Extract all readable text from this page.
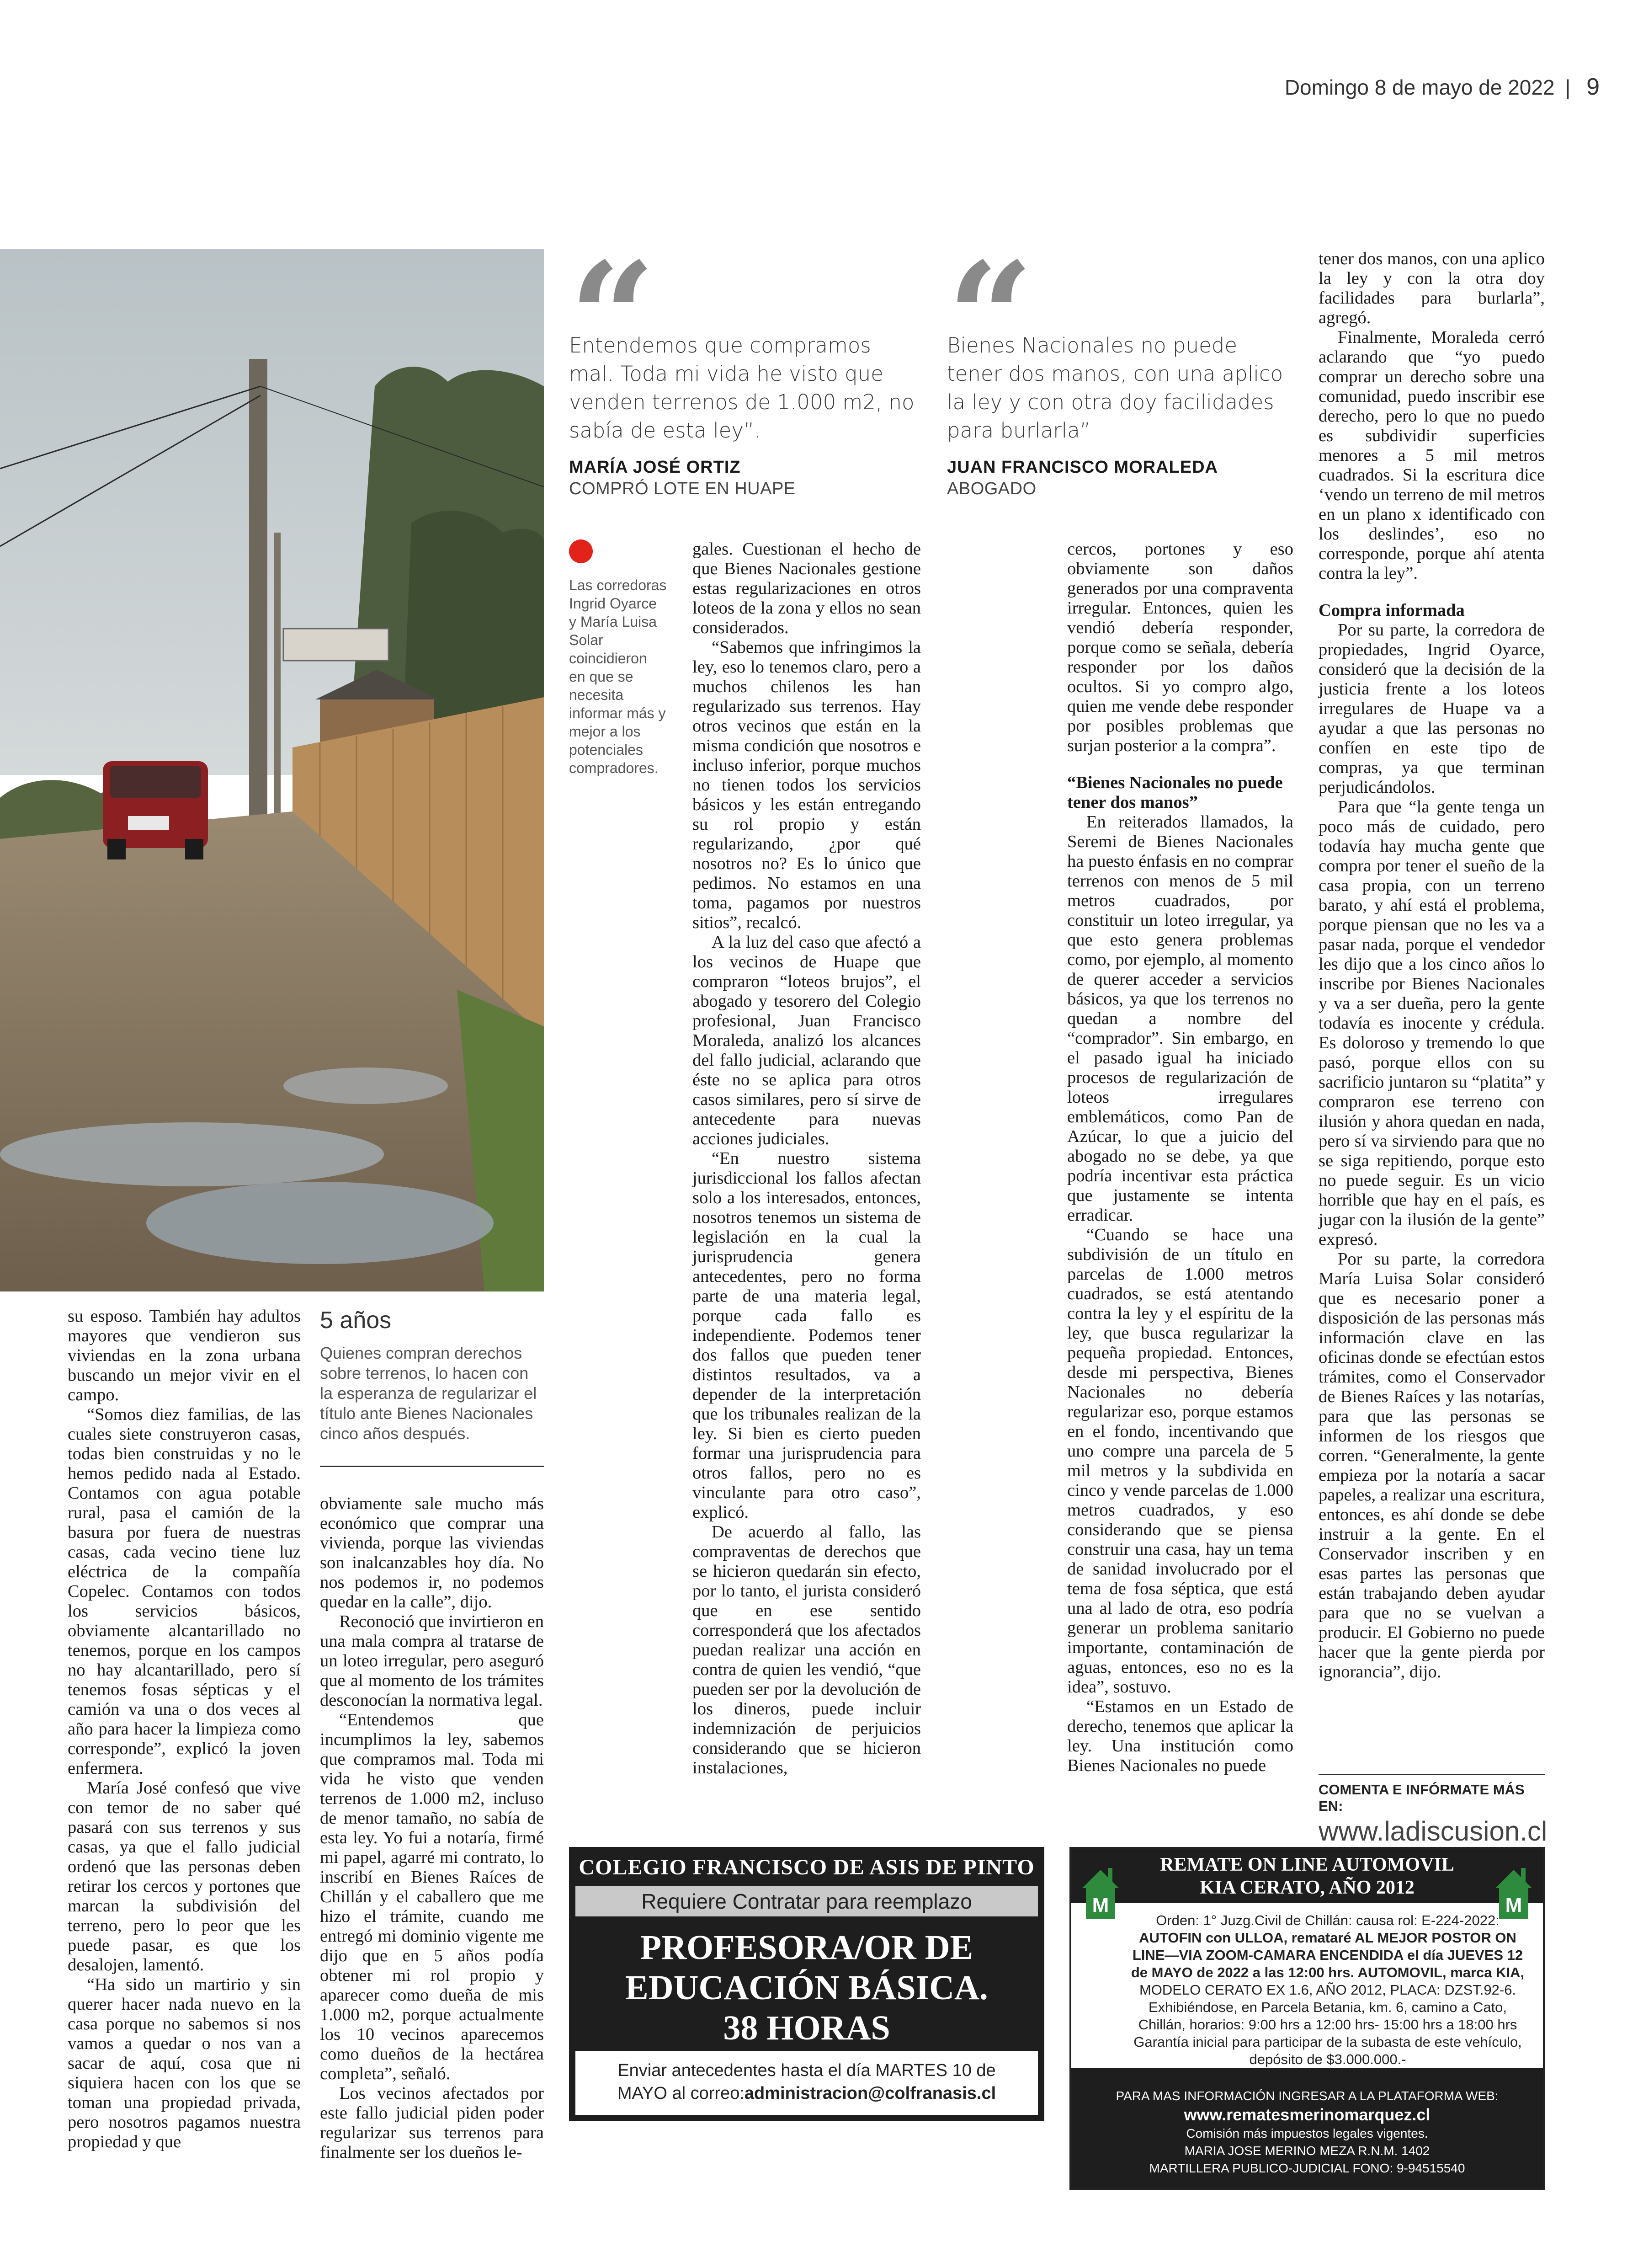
Domingo 8 de mayo de 2022 | 9
“
Entendemos que compramos mal. Toda mi vida he visto que venden terrenos de 1.000 m2, no sabía de esta ley”.
MARÍA JOSÉ ORTIZ
COMPRÓ LOTE EN HUAPE
“
Bienes Nacionales no puede tener dos manos, con una aplico la ley y con otra doy facilidades para burlarla”
JUAN FRANCISCO MORALEDA
ABOGADO
Las corredoras Ingrid Oyarce y María Luisa Solar coincidieron en que se necesita informar más y mejor a los potenciales compradores.

su esposo. También hay adultos mayores que vendieron sus viviendas en la zona urbana buscando un mejor vivir en el campo.

“Somos diez familias, de las cuales siete construyeron casas, todas bien construidas y no le hemos pedido nada al Estado. Contamos con agua potable rural, pasa el camión de la basura por fuera de nuestras casas, cada vecino tiene luz eléctrica de la compañía Copelec. Contamos con todos los servicios básicos, obviamente alcantarillado no tenemos, porque en los campos no hay alcantarillado, pero sí tenemos fosas sépticas y el camión va una o dos veces al año para hacer la limpieza como corresponde”, explicó la joven enfermera.

María José confesó que vive con temor de no saber qué pasará con sus terrenos y sus casas, ya que el fallo judicial ordenó que las personas deben retirar los cercos y portones que marcan la subdivisión del terreno, pero lo peor que les puede pasar, es que los desalojen, lamentó.

“Ha sido un martirio y sin querer hacer nada nuevo en la casa porque no sabemos si nos vamos a quedar o nos van a sacar de aquí, cosa que ni siquiera hacen con los que se toman una propiedad privada, pero nosotros pagamos nuestra propiedad y que

5 años
Quienes compran derechos sobre terrenos, lo hacen con la esperanza de regularizar el título ante Bienes Nacionales cinco años después.

obviamente sale mucho más económico que comprar una vivienda, porque las viviendas son inalcanzables hoy día. No nos podemos ir, no podemos quedar en la calle”, dijo.

Reconoció que invirtieron en una mala compra al tratarse de un loteo irregular, pero aseguró que al momento de los trámites desconocían la normativa legal.

“Entendemos que incumplimos la ley, sabemos que compramos mal. Toda mi vida he visto que venden terrenos de 1.000 m2, incluso de menor tamaño, no sabía de esta ley. Yo fui a notaría, firmé mi papel, agarré mi contrato, lo inscribí en Bienes Raíces de Chillán y el caballero que me hizo el trámite, cuando me entregó mi dominio vigente me dijo que en 5 años podía obtener mi rol propio y aparecer como dueña de mis 1.000 m2, porque actualmente los 10 vecinos aparecemos como dueños de la hectárea completa”, señaló.

Los vecinos afectados por este fallo judicial piden poder regularizar sus terrenos para finalmente ser los dueños le-

gales. Cuestionan el hecho de que Bienes Nacionales gestione estas regularizaciones en otros loteos de la zona y ellos no sean considerados.

“Sabemos que infringimos la ley, eso lo tenemos claro, pero a muchos chilenos les han regularizado sus terrenos. Hay otros vecinos que están en la misma condición que nosotros e incluso inferior, porque muchos no tienen todos los servicios básicos y les están entregando su rol propio y están regularizando, ¿por qué nosotros no? Es lo único que pedimos. No estamos en una toma, pagamos por nuestros sitios”, recalcó.

A la luz del caso que afectó a los vecinos de Huape que compraron “loteos brujos”, el abogado y tesorero del Colegio profesional, Juan Francisco Moraleda, analizó los alcances del fallo judicial, aclarando que éste no se aplica para otros casos similares, pero sí sirve de antecedente para nuevas acciones judiciales.

“En nuestro sistema jurisdiccional los fallos afectan solo a los interesados, entonces, nosotros tenemos un sistema de legislación en la cual la jurisprudencia genera antecedentes, pero no forma parte de una materia legal, porque cada fallo es independiente. Podemos tener dos fallos que pueden tener distintos resultados, va a depender de la interpretación que los tribunales realizan de la ley. Si bien es cierto pueden formar una jurisprudencia para otros fallos, pero no es vinculante para otro caso”, explicó.

De acuerdo al fallo, las compraventas de derechos que se hicieron quedarán sin efecto, por lo tanto, el jurista consideró que en ese sentido corresponderá que los afectados puedan realizar una acción en contra de quien les vendió, “que pueden ser por la devolución de los dineros, puede incluir indemnización de perjuicios considerando que se hicieron instalaciones,

cercos, portones y eso obviamente son daños generados por una compraventa irregular. Entonces, quien les vendió debería responder, porque como se señala, debería responder por los daños ocultos. Si yo compro algo, quien me vende debe responder por posibles problemas que surjan posterior a la compra”.

“Bienes Nacionales no puede tener dos manos”

En reiterados llamados, la Seremi de Bienes Nacionales ha puesto énfasis en no comprar terrenos con menos de 5 mil metros cuadrados, por constituir un loteo irregular, ya que esto genera problemas como, por ejemplo, al momento de querer acceder a servicios básicos, ya que los terrenos no quedan a nombre del “comprador”. Sin embargo, en el pasado igual ha iniciado procesos de regularización de loteos irregulares emblemáticos, como Pan de Azúcar, lo que a juicio del abogado no se debe, ya que podría incentivar esta práctica que justamente se intenta erradicar.

“Cuando se hace una subdivisión de un título en parcelas de 1.000 metros cuadrados, se está atentando contra la ley y el espíritu de la ley, que busca regularizar la pequeña propiedad. Entonces, desde mi perspectiva, Bienes Nacionales no debería regularizar eso, porque estamos en el fondo, incentivando que uno compre una parcela de 5 mil metros y la subdivida en cinco y vende parcelas de 1.000 metros cuadrados, y eso considerando que se piensa construir una casa, hay un tema de sanidad involucrado por el tema de fosa séptica, que está una al lado de otra, eso podría generar un problema sanitario importante, contaminación de aguas, entonces, eso no es la idea”, sostuvo.

“Estamos en un Estado de derecho, tenemos que aplicar la ley. Una institución como Bienes Nacionales no puede

tener dos manos, con una aplico la ley y con la otra doy facilidades para burlarla”, agregó.

Finalmente, Moraleda cerró aclarando que “yo puedo comprar un derecho sobre una comunidad, puedo inscribir ese derecho, pero lo que no puedo es subdividir superficies menores a 5 mil metros cuadrados. Si la escritura dice ‘vendo un terreno de mil metros en un plano x identificado con los deslindes’, eso no corresponde, porque ahí atenta contra la ley”.

Compra informada

Por su parte, la corredora de propiedades, Ingrid Oyarce, consideró que la decisión de la justicia frente a los loteos irregulares de Huape va a ayudar a que las personas no confíen en este tipo de compras, ya que terminan perjudicándolos.

Para que “la gente tenga un poco más de cuidado, pero todavía hay mucha gente que compra por tener el sueño de la casa propia, con un terreno barato, y ahí está el problema, porque piensan que no les va a pasar nada, porque el vendedor les dijo que a los cinco años lo inscribe por Bienes Nacionales y va a ser dueña, pero la gente todavía es inocente y crédula. Es doloroso y tremendo lo que pasó, porque ellos con su sacrificio juntaron su “platita” y compraron ese terreno con ilusión y ahora quedan en nada, pero sí va sirviendo para que no se siga repitiendo, porque esto no puede seguir. Es un vicio horrible que hay en el país, es jugar con la ilusión de la gente” expresó.

Por su parte, la corredora María Luisa Solar consideró que es necesario poner a disposición de las personas más información clave en las oficinas donde se efectúan estos trámites, como el Conservador de Bienes Raíces y las notarías, para que las personas se informen de los riesgos que corren. “Generalmente, la gente empieza por la notaría a sacar papeles, a realizar una escritura, entonces, es ahí donde se debe instruir a la gente. En el Conservador inscriben y en esas partes las personas que están trabajando deben ayudar para que no se vuelvan a producir. El Gobierno no puede hacer que la gente pierda por ignorancia”, dijo.

COMENTA E INFÓRMATE MÁS EN:
www.ladiscusion.cl
COLEGIO FRANCISCO DE ASIS DE PINTO
Requiere Contratar para reemplazo
PROFESORA/OR DE
EDUCACIÓN BÁSICA.
38 HORAS
Enviar antecedentes hasta el día MARTES 10 de
MAYO al correo:administracion@colfranasis.cl
M	M
REMATE ON LINE AUTOMOVIL
KIA CERATO, AÑO 2012
Orden: 1° Juzg.Civil de Chillán: causa rol: E-224-2022:
AUTOFIN con ULLOA, remataré AL MEJOR POSTOR ON
LINE—VIA ZOOM-CAMARA ENCENDIDA el día JUEVES 12
de MAYO de 2022 a las 12:00 hrs. AUTOMOVIL, marca KIA,
MODELO CERATO EX 1.6, AÑO 2012, PLACA: DZST.92-6.
Exhibiéndose, en Parcela Betania, km. 6, camino a Cato,
Chillán, horarios: 9:00 hrs a 12:00 hrs- 15:00 hrs a 18:00 hrs
Garantía inicial para participar de la subasta de este vehículo,
depósito de $3.000.000.-
PARA MAS INFORMACIÓN INGRESAR A LA PLATAFORMA WEB:
www.rematesmerinomarquez.cl
Comisión más impuestos legales vigentes.
MARIA JOSE MERINO MEZA R.N.M. 1402
MARTILLERA PUBLICO-JUDICIAL FONO: 9-94515540
